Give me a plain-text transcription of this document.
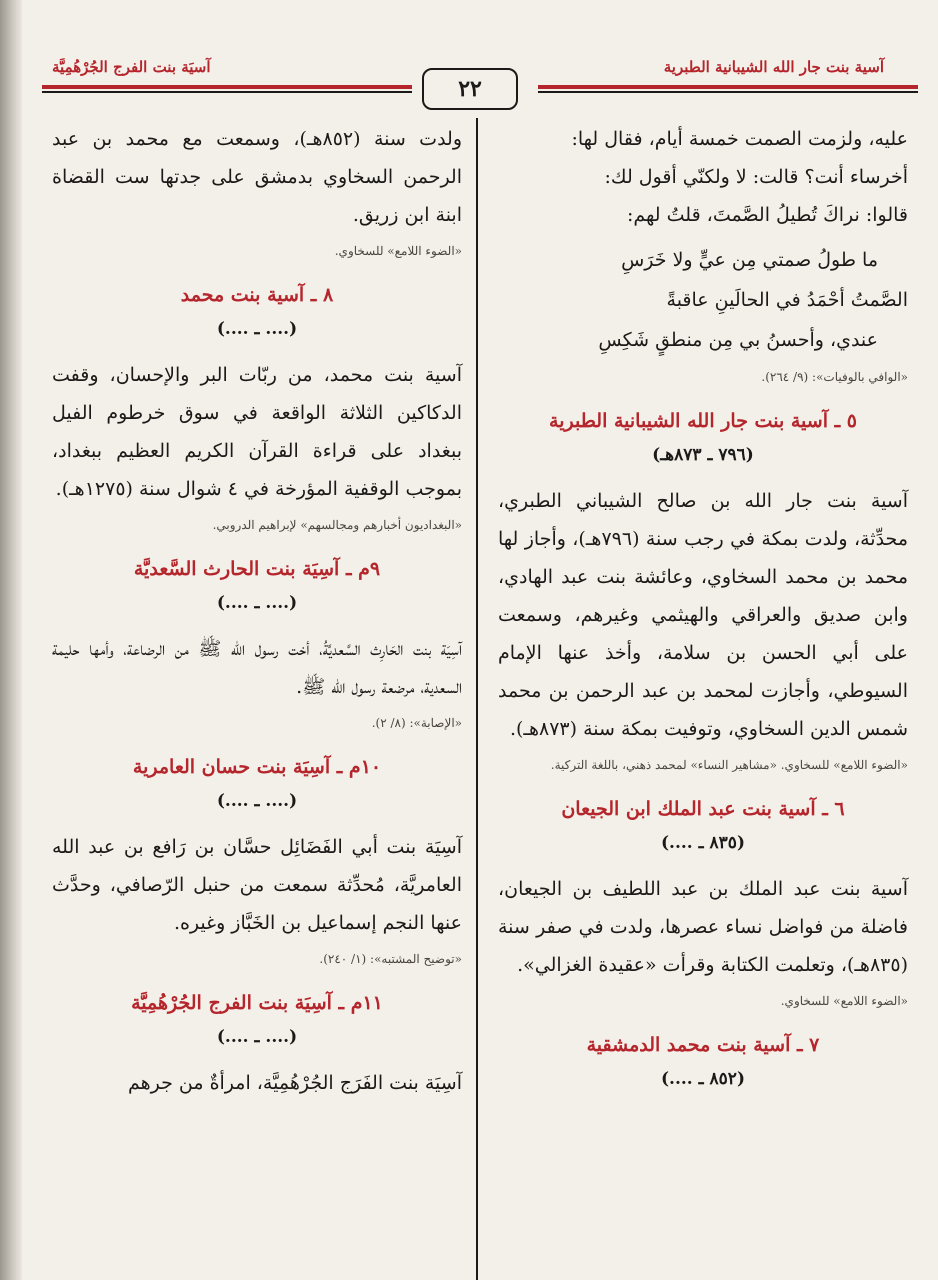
آسية بنت جار الله الشيبانية الطبرية
آسيَة بنت الفرج الجُرْهُمِيَّة
٢٢

عليه، ولزمت الصمت خمسة أيام، فقال لها:

أخرساء أنت؟ قالت: لا ولكنّي أقول لك:

قالوا: نراكَ تُطيلُ الصَّمتَ، قلتُ لهم:

ما طولُ صمتي مِن عيٍّ ولا خَرَسِ

الصَّمتُ أحْمَدُ في الحالَينِ عاقبةً

عندي، وأحسنُ بي مِن منطقٍ شَكِسِ

«الوافي بالوفيات»: (٩/ ٢٦٤).
٥ ـ آسية بنت جار الله الشيبانية الطبرية
(٧٩٦ ـ ٨٧٣هـ)

آسية بنت جار الله بن صالح الشيباني الطبري، محدِّثة، ولدت بمكة في رجب سنة (٧٩٦هـ)، وأجاز لها محمد بن محمد السخاوي، وعائشة بنت عبد الهادي، وابن صديق والعراقي والهيثمي وغيرهم، وسمعت على أبي الحسن بن سلامة، وأخذ عنها الإمام السيوطي، وأجازت لمحمد بن عبد الرحمن بن محمد شمس الدين السخاوي، وتوفيت بمكة سنة (٨٧٣هـ).

«الضوء اللامع» للسخاوي. «مشاهير النساء» لمحمد ذهني، باللغة التركية.
٦ ـ آسية بنت عبد الملك ابن الجيعان
(٨٣٥ ـ ....)

آسية بنت عبد الملك بن عبد اللطيف بن الجيعان، فاضلة من فواضل نساء عصرها، ولدت في صفر سنة (٨٣٥هـ)، وتعلمت الكتابة وقرأت «عقيدة الغزالي».

«الضوء اللامع» للسخاوي.
٧ ـ آسية بنت محمد الدمشقية
(٨٥٢ ـ ....)

ولدت سنة (٨٥٢هـ)، وسمعت مع محمد بن عبد الرحمن السخاوي بدمشق على جدتها ست القضاة ابنة ابن زريق.

«الضوء اللامع» للسخاوي.
٨ ـ آسية بنت محمد
(.... ـ ....)

آسية بنت محمد، من ربّات البر والإحسان، وقفت الدكاكين الثلاثة الواقعة في سوق خرطوم الفيل ببغداد على قراءة القرآن الكريم العظيم ببغداد، بموجب الوقفية المؤرخة في ٤ شوال سنة (١٢٧٥هـ).

«البغداديون أخبارهم ومجالسهم» لإبراهيم الدروبي.
٩م ـ آسِيَة بنت الحارث السَّعديَّة
(.... ـ ....)

آسِيَة بنت الحَارِث السَّعديَّةُ، أخت رسول الله ﷺ من الرضاعة، وأمها حليمة السعدية، مرضعة رسول الله ﷺ.

«الإصابة»: (٨/ ٢).
١٠م ـ آسِيَة بنت حسان العامرية
(.... ـ ....)

آسِيَة بنت أبي الفَضَائِل حسَّان بن رَافع بن عبد الله العامريَّة، مُحدِّثة سمعت من حنبل الرّصافي، وحدَّث عنها النجم إسماعيل بن الخَبَّاز وغيره.

«توضيح المشتبه»: (١/ ٢٤٠).
١١م ـ آسِيَة بنت الفرج الجُرْهُمِيَّة
(.... ـ ....)

آسِيَة بنت الفَرَج الجُرْهُمِيَّة، امرأةٌ من جرهم
